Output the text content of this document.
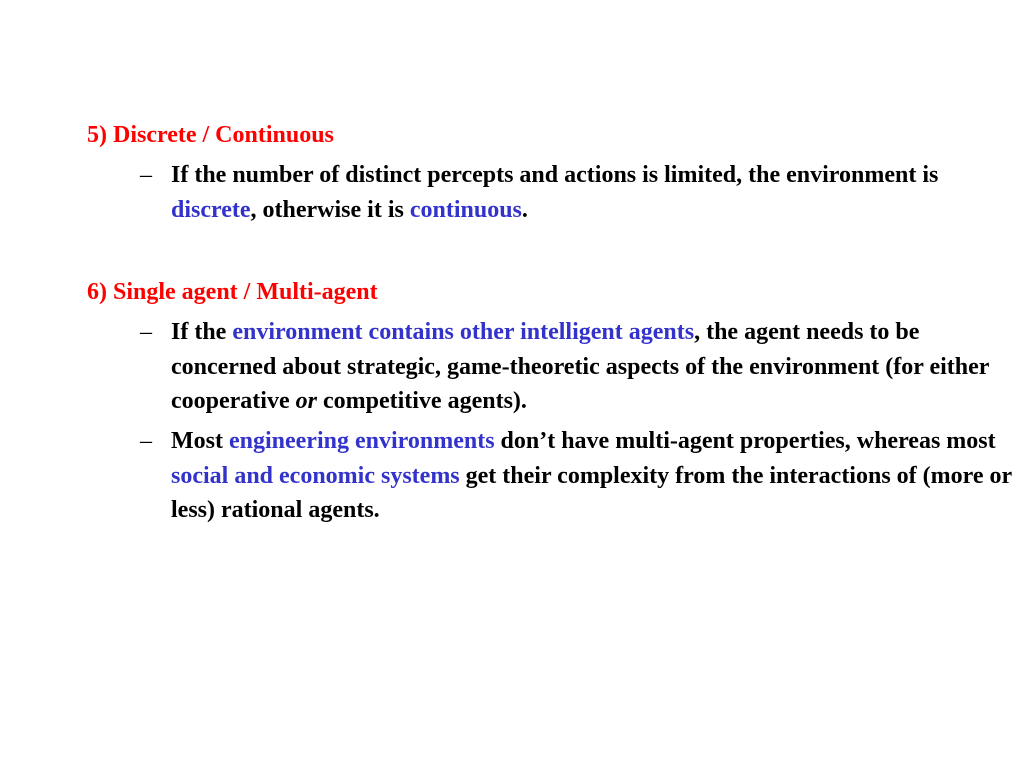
5) Discrete / Continuous
– If the number of distinct percepts and actions is limited, the environment is discrete, otherwise it is continuous.
6) Single agent / Multi-agent
– If the environment contains other intelligent agents, the agent needs to be concerned about strategic, game-theoretic aspects of the environment (for either cooperative or competitive agents).
– Most engineering environments don’t have multi-agent properties, whereas most social and economic systems get their complexity from the interactions of (more or less) rational agents.
